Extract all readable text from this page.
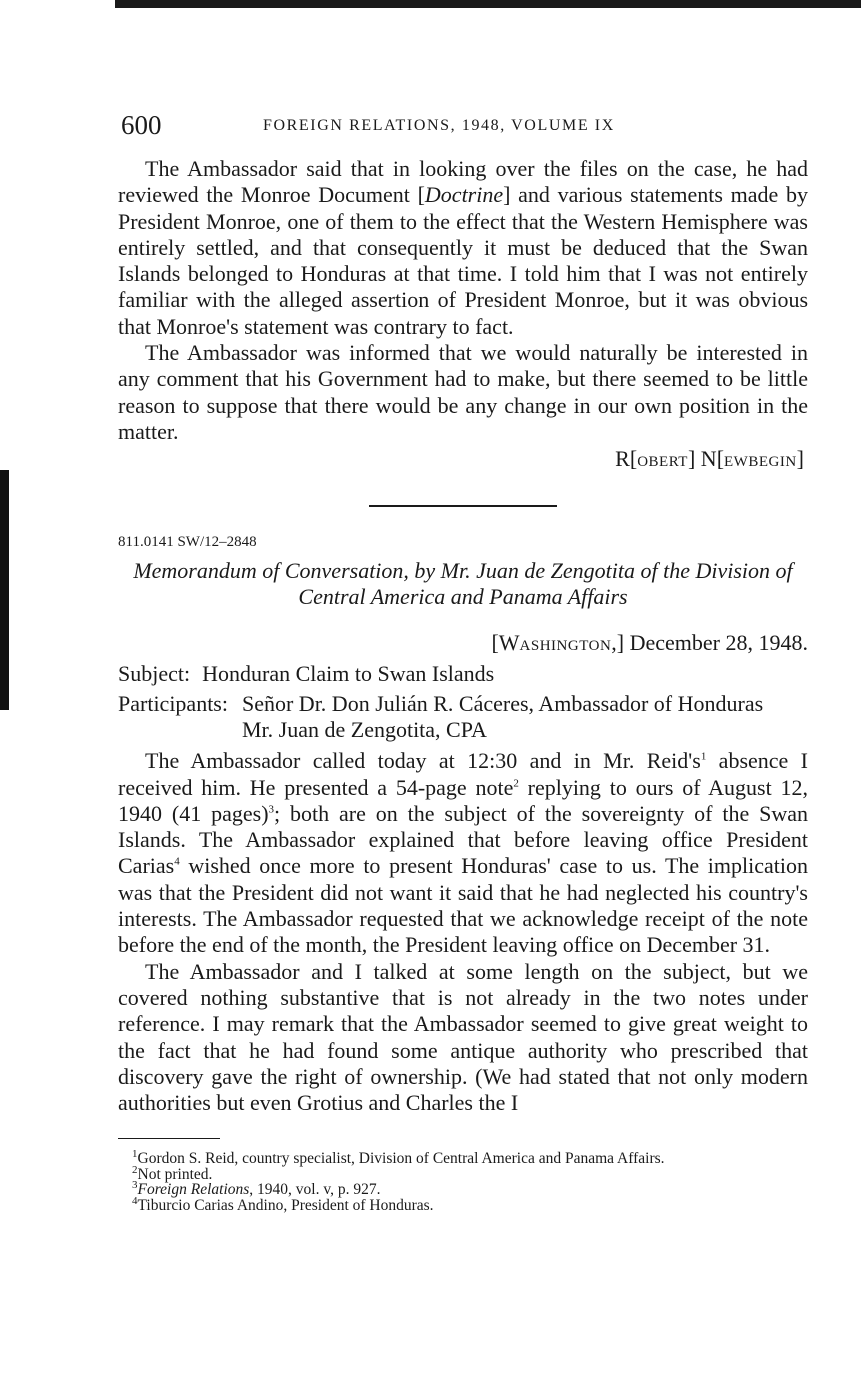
600	FOREIGN RELATIONS, 1948, VOLUME IX

The Ambassador said that in looking over the files on the case, he had reviewed the Monroe Document [Doctrine] and various statements made by President Monroe, one of them to the effect that the Western Hemisphere was entirely settled, and that consequently it must be deduced that the Swan Islands belonged to Honduras at that time. I told him that I was not entirely familiar with the alleged assertion of President Monroe, but it was obvious that Monroe's statement was contrary to fact.

The Ambassador was informed that we would naturally be interested in any comment that his Government had to make, but there seemed to be little reason to suppose that there would be any change in our own position in the matter.

R[OBERT] N[EWBEGIN]
811.0141 SW/12–2848
Memorandum of Conversation, by Mr. Juan de Zengotita of the Division of Central America and Panama Affairs
[WASHINGTON,] December 28, 1948.
Subject: Honduran Claim to Swan Islands
Participants: Señor Dr. Don Julián R. Cáceres, Ambassador of Honduras
Mr. Juan de Zengotita, CPA

The Ambassador called today at 12:30 and in Mr. $Reid's^1$ absence I received him. He presented a 54-page note$^2$ replying to ours of August 12, 1940 (41 pages)$^3$; both are on the subject of the sovereignty of the Swan Islands. The Ambassador explained that before leaving office President Carias$^4$ wished once more to present Honduras' case to us. The implication was that the President did not want it said that he had neglected his country's interests. The Ambassador requested that we acknowledge receipt of the note before the end of the month, the President leaving office on December 31.

The Ambassador and I talked at some length on the subject, but we covered nothing substantive that is not already in the two notes under reference. I may remark that the Ambassador seemed to give great weight to the fact that he had found some antique authority who prescribed that discovery gave the right of ownership. (We had stated that not only modern authorities but even Grotius and Charles the I

$^1$Gordon S. Reid, country specialist, Division of Central America and Panama Affairs.
$^2$Not printed.
$^3$Foreign Relations, 1940, vol. v, p. 927.
$^4$Tiburcio Carias Andino, President of Honduras.
